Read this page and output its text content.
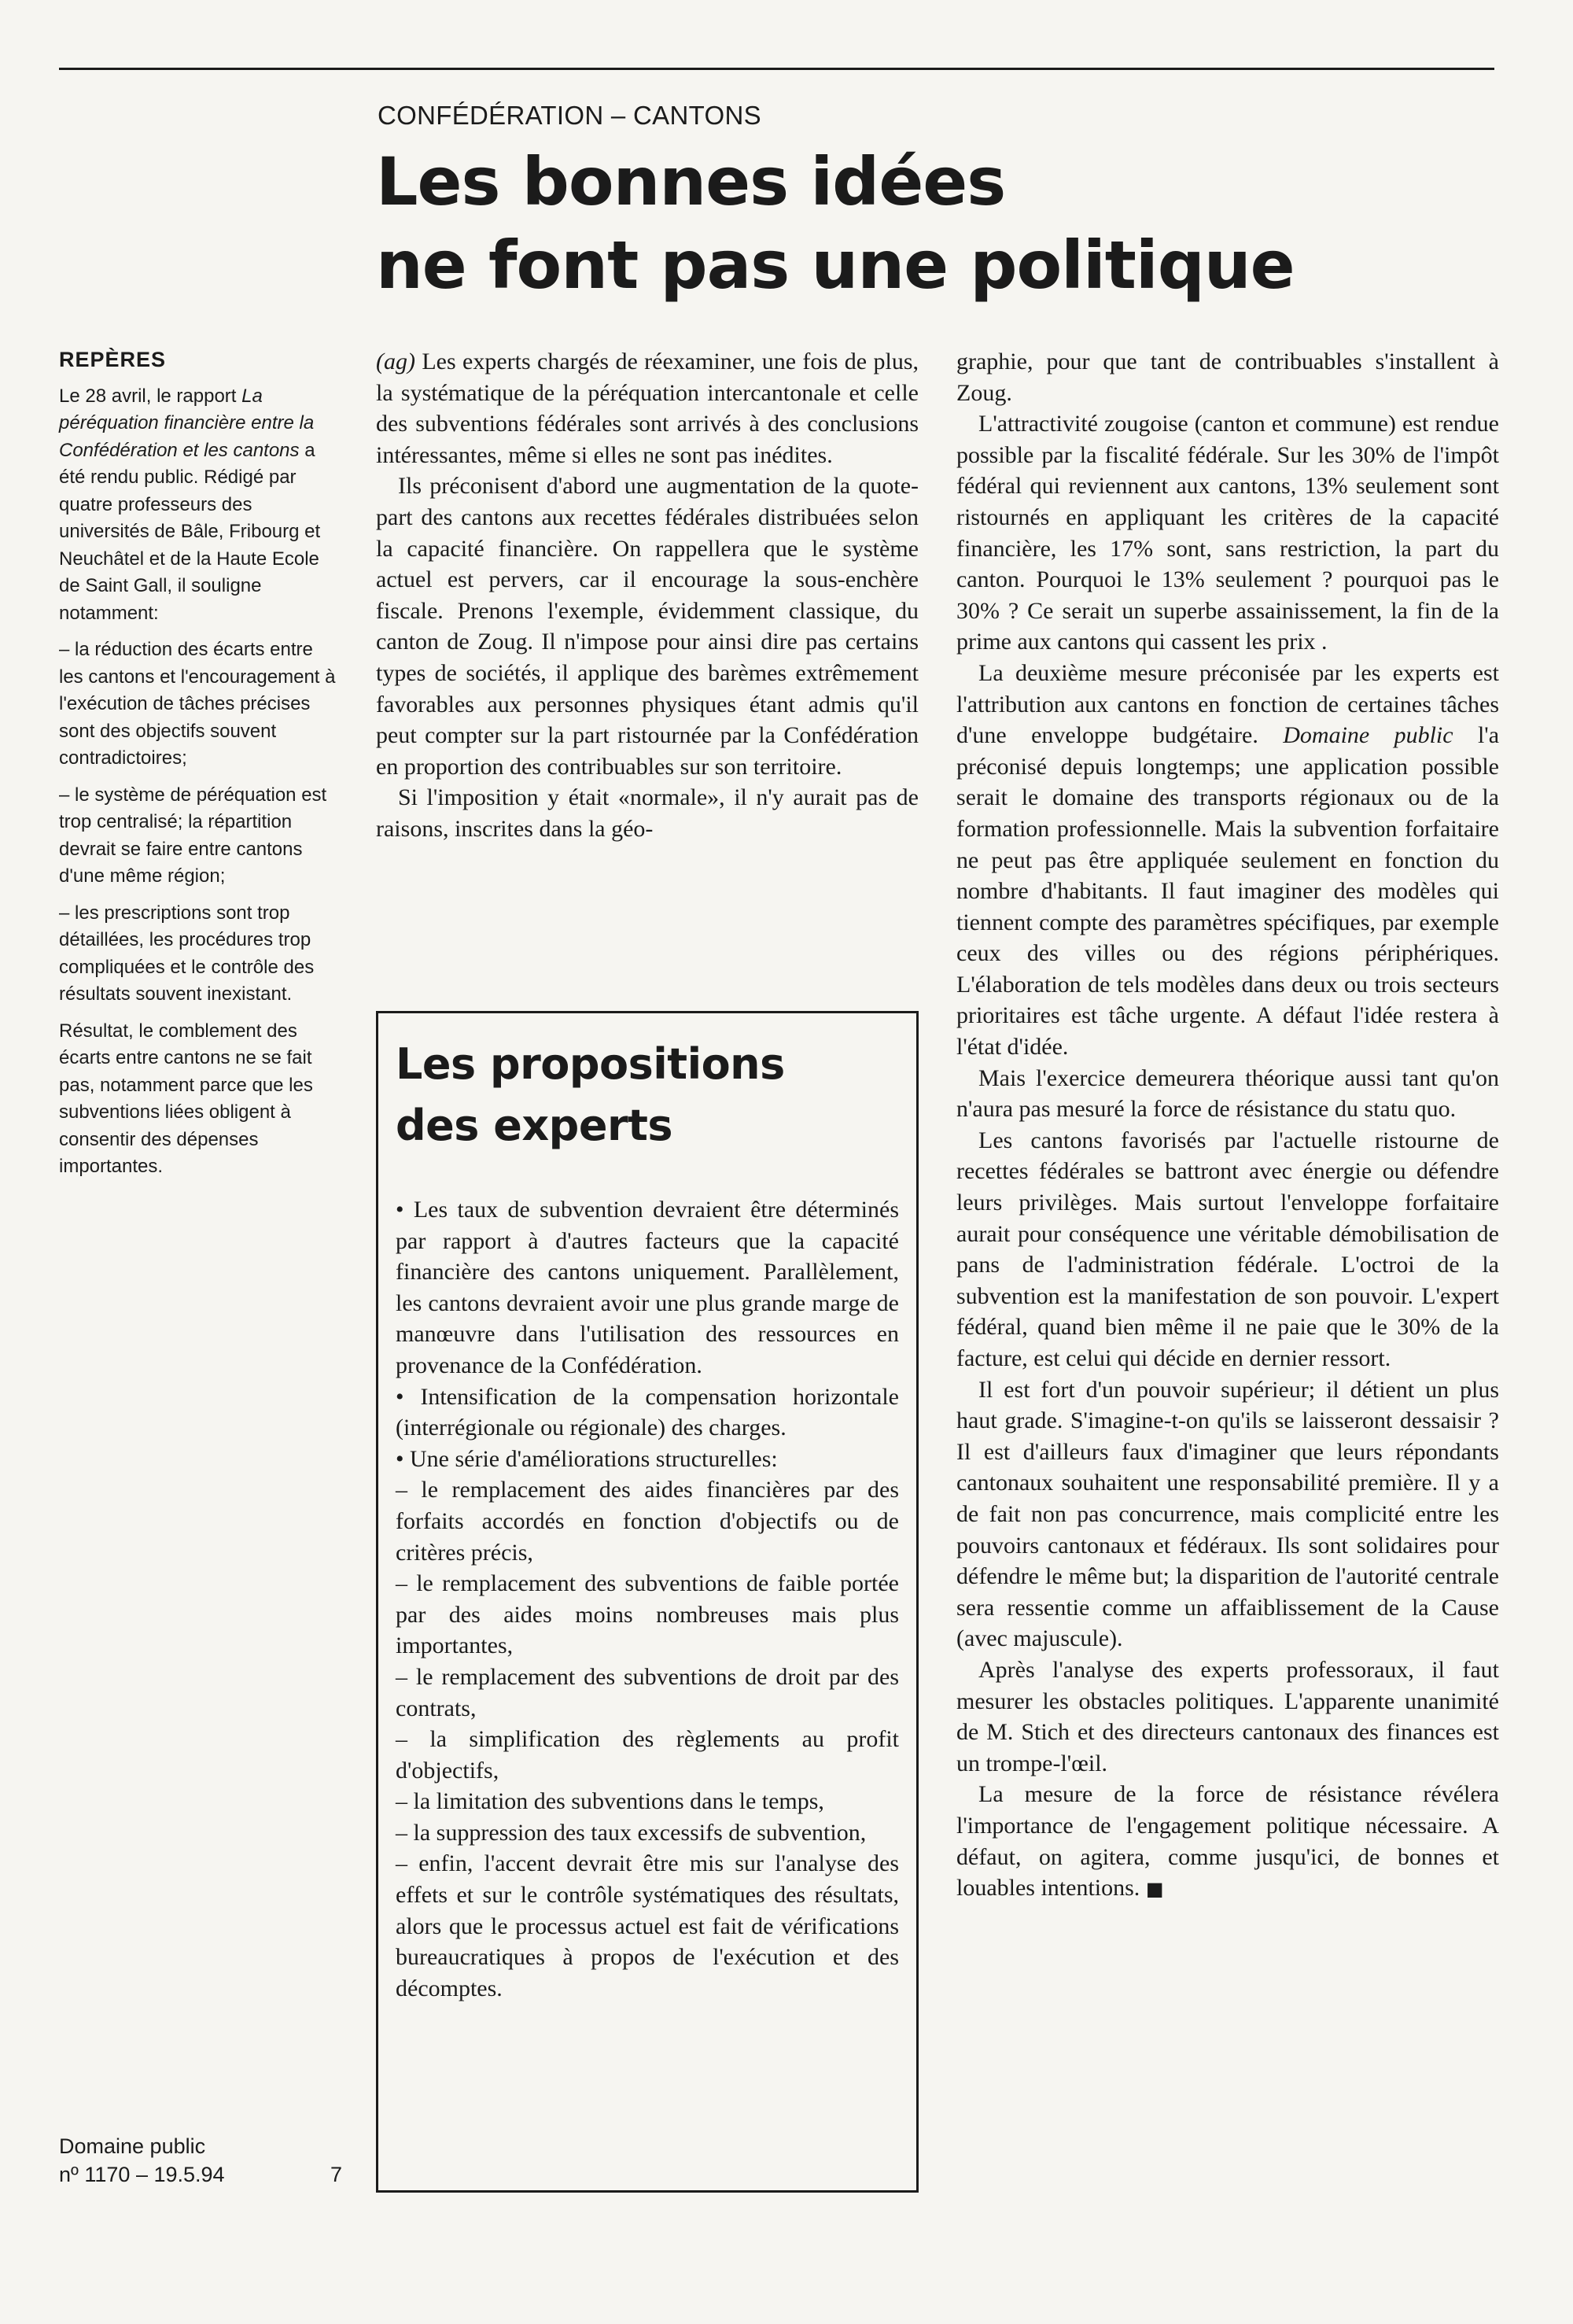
CONFÉDÉRATION – CANTONS
Les bonnes idées
ne font pas une politique
REPÈRES

Le 28 avril, le rapport La péréquation financière entre la Confédération et les cantons a été rendu public. Rédigé par quatre professeurs des universités de Bâle, Fribourg et Neuchâtel et de la Haute Ecole de Saint Gall, il souligne notamment:

– la réduction des écarts entre les cantons et l'encouragement à l'exécution de tâches précises sont des objectifs souvent contradictoires;

– le système de péréquation est trop centralisé; la répartition devrait se faire entre cantons d'une même région;

– les prescriptions sont trop détaillées, les procédures trop compliquées et le contrôle des résultats souvent inexistant.

Résultat, le comblement des écarts entre cantons ne se fait pas, notamment parce que les subventions liées obligent à consentir des dépenses importantes.

Domaine public
nº 1170 – 19.5.94	7

(ag) Les experts chargés de réexaminer, une fois de plus, la systématique de la péréquation intercantonale et celle des subventions fédérales sont arrivés à des conclusions intéressantes, même si elles ne sont pas inédites.

Ils préconisent d'abord une augmentation de la quote-part des cantons aux recettes fédérales distribuées selon la capacité financière. On rappellera que le système actuel est pervers, car il encourage la sous-enchère fiscale. Prenons l'exemple, évidemment classique, du canton de Zoug. Il n'impose pour ainsi dire pas certains types de sociétés, il applique des barèmes extrêmement favorables aux personnes physiques étant admis qu'il peut compter sur la part ristournée par la Confédération en proportion des contribuables sur son territoire.

Si l'imposition y était «normale», il n'y aurait pas de raisons, inscrites dans la géo-

Les propositions
des experts

• Les taux de subvention devraient être déterminés par rapport à d'autres facteurs que la capacité financière des cantons uniquement. Parallèlement, les cantons devraient avoir une plus grande marge de manœuvre dans l'utilisation des ressources en provenance de la Confédération.

• Intensification de la compensation horizontale (interrégionale ou régionale) des charges.

• Une série d'améliorations structurelles:

– le remplacement des aides financières par des forfaits accordés en fonction d'objectifs ou de critères précis,

– le remplacement des subventions de faible portée par des aides moins nombreuses mais plus importantes,

– le remplacement des subventions de droit par des contrats,

– la simplification des règlements au profit d'objectifs,

– la limitation des subventions dans le temps,

– la suppression des taux excessifs de subvention,

– enfin, l'accent devrait être mis sur l'analyse des effets et sur le contrôle systématiques des résultats, alors que le processus actuel est fait de vérifications bureaucratiques à propos de l'exécution et des décomptes.

graphie, pour que tant de contribuables s'installent à Zoug.

L'attractivité zougoise (canton et commune) est rendue possible par la fiscalité fédérale. Sur les 30% de l'impôt fédéral qui reviennent aux cantons, 13% seulement sont ristournés en appliquant les critères de la capacité financière, les 17% sont, sans restriction, la part du canton. Pourquoi le 13% seulement ? pourquoi pas le 30% ? Ce serait un superbe assainissement, la fin de la prime aux cantons qui cassent les prix .

La deuxième mesure préconisée par les experts est l'attribution aux cantons en fonction de certaines tâches d'une enveloppe budgétaire. Domaine public l'a préconisé depuis longtemps; une application possible serait le domaine des transports régionaux ou de la formation professionnelle. Mais la subvention forfaitaire ne peut pas être appliquée seulement en fonction du nombre d'habitants. Il faut imaginer des modèles qui tiennent compte des paramètres spécifiques, par exemple ceux des villes ou des régions périphériques. L'élaboration de tels modèles dans deux ou trois secteurs prioritaires est tâche urgente. A défaut l'idée restera à l'état d'idée.

Mais l'exercice demeurera théorique aussi tant qu'on n'aura pas mesuré la force de résistance du statu quo.

Les cantons favorisés par l'actuelle ristourne de recettes fédérales se battront avec énergie ou défendre leurs privilèges. Mais surtout l'enveloppe forfaitaire aurait pour conséquence une véritable démobilisation de pans de l'administration fédérale. L'octroi de la subvention est la manifestation de son pouvoir. L'expert fédéral, quand bien même il ne paie que le 30% de la facture, est celui qui décide en dernier ressort.

Il est fort d'un pouvoir supérieur; il détient un plus haut grade. S'imagine-t-on qu'ils se laisseront dessaisir ? Il est d'ailleurs faux d'imaginer que leurs répondants cantonaux souhaitent une responsabilité première. Il y a de fait non pas concurrence, mais complicité entre les pouvoirs cantonaux et fédéraux. Ils sont solidaires pour défendre le même but; la disparition de l'autorité centrale sera ressentie comme un affaiblissement de la Cause (avec majuscule).

Après l'analyse des experts professoraux, il faut mesurer les obstacles politiques. L'apparente unanimité de M. Stich et des directeurs cantonaux des finances est un trompe-l'œil.

La mesure de la force de résistance révélera l'importance de l'engagement politique nécessaire. A défaut, on agitera, comme jusqu'ici, de bonnes et louables intentions. ■
